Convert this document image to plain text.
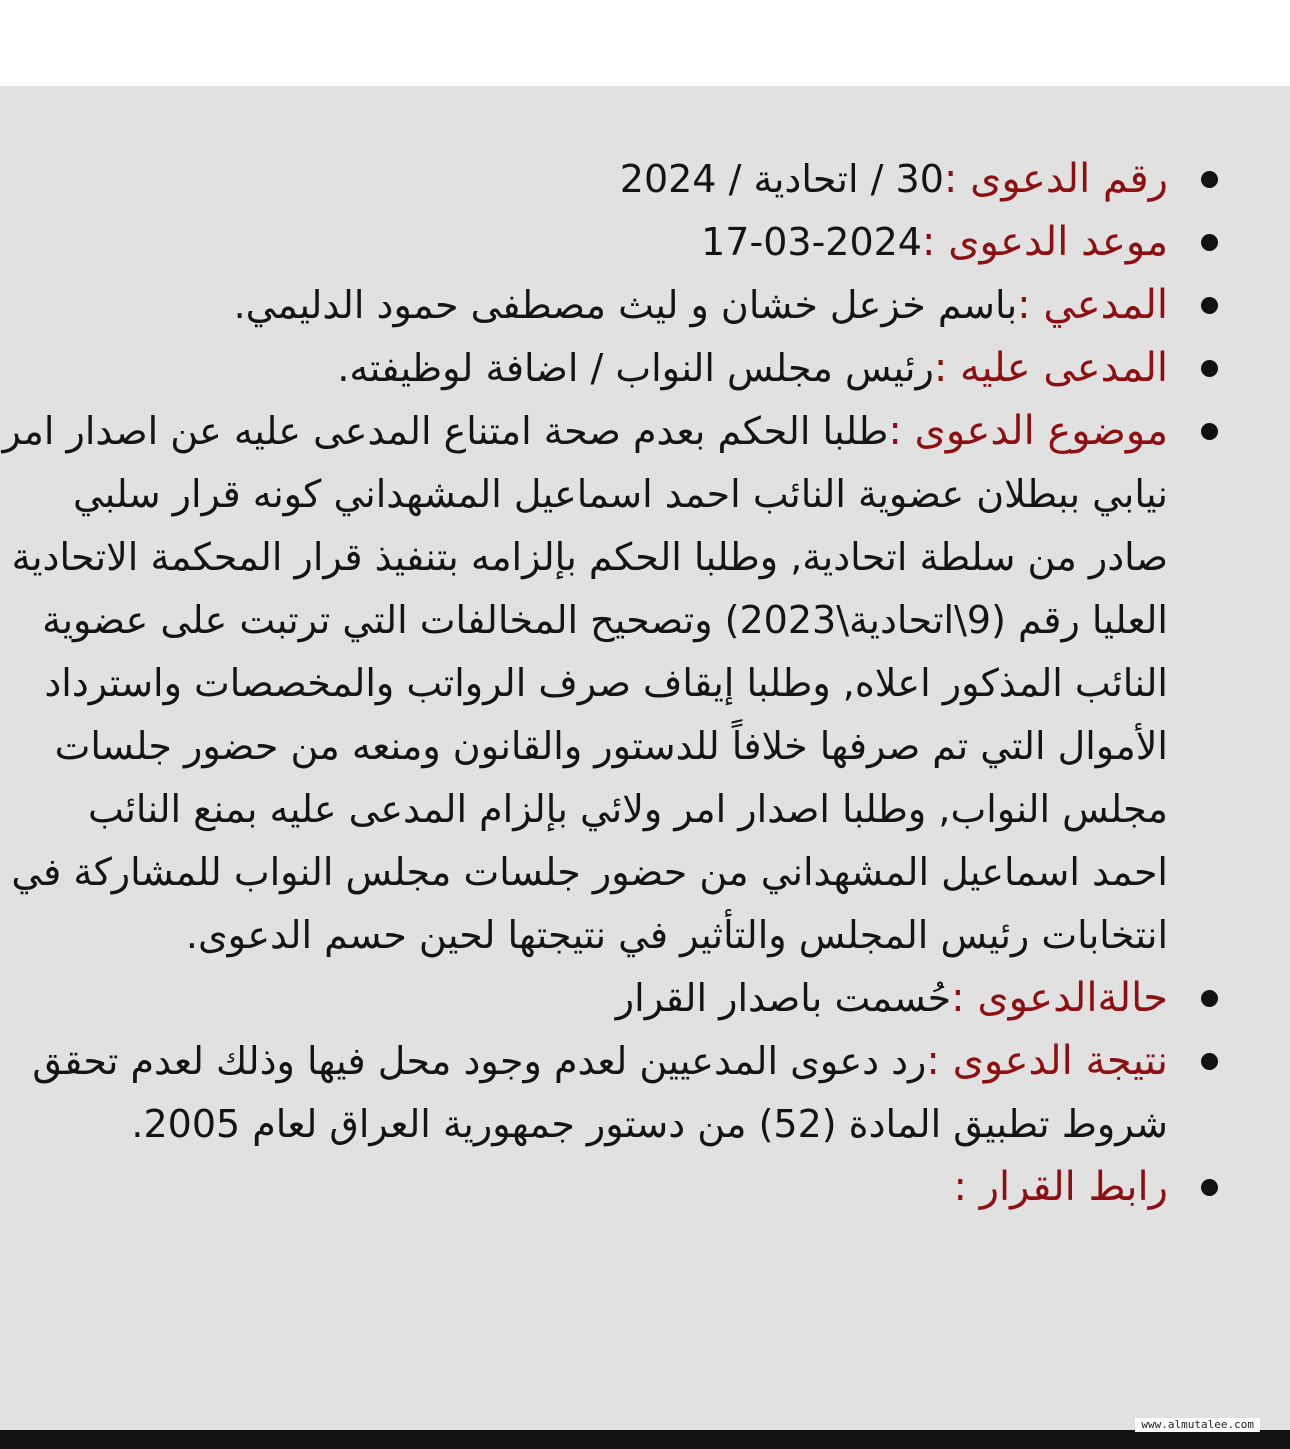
رقم الدعوى :30 / اتحادية / 2024
موعد الدعوى :2024-03-17
المدعي :باسم خزعل خشان و ليث مصطفى حمود الدليمي.
المدعى عليه :رئيس مجلس النواب / اضافة لوظيفته.
موضوع الدعوى :طلبا الحكم بعدم صحة امتناع المدعى عليه عن اصدار امر نيابي ببطلان عضوية النائب احمد اسماعيل المشهداني كونه قرار سلبي صادر من سلطة اتحادية, وطلبا الحكم بإلزامه بتنفيذ قرار المحكمة الاتحادية العليا رقم (9\اتحادية\2023) وتصحيح المخالفات التي ترتبت على عضوية النائب المذكور اعلاه, وطلبا إيقاف صرف الرواتب والمخصصات واسترداد الأموال التي تم صرفها خلافاً للدستور والقانون ومنعه من حضور جلسات مجلس النواب, وطلبا اصدار امر ولائي بإلزام المدعى عليه بمنع النائب احمد اسماعيل المشهداني من حضور جلسات مجلس النواب للمشاركة في انتخابات رئيس المجلس والتأثير في نتيجتها لحين حسم الدعوى.
حالةالدعوى :حُسمت باصدار القرار
نتيجة الدعوى :رد دعوى المدعيين لعدم وجود محل فيها وذلك لعدم تحقق شروط تطبيق المادة (52) من دستور جمهورية العراق لعام 2005.
رابط القرار :
www.almutalee.com
